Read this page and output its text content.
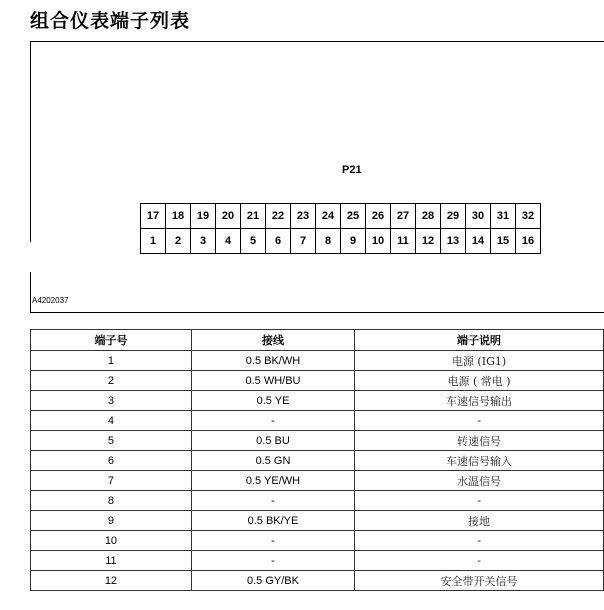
组合仪表端子列表
P21
17	18	19	20	21	22	23	24	25	26	27	28	29	30	31	32
1	2	3	4	5	6	7	8	9	10	11	12	13	14	15	16
A4202037
端子号	接线	端子说明
1	0.5 BK/WH	电源 (IG1)
2	0.5 WH/BU	电源 ( 常电 )
3	0.5 YE	车速信号输出
4	-	-
5	0.5 BU	转速信号
6	0.5 GN	车速信号输入
7	0.5 YE/WH	水温信号
8	-	-
9	0.5 BK/YE	接地
10	-	-
11	-	-
12	0.5 GY/BK	安全带开关信号
